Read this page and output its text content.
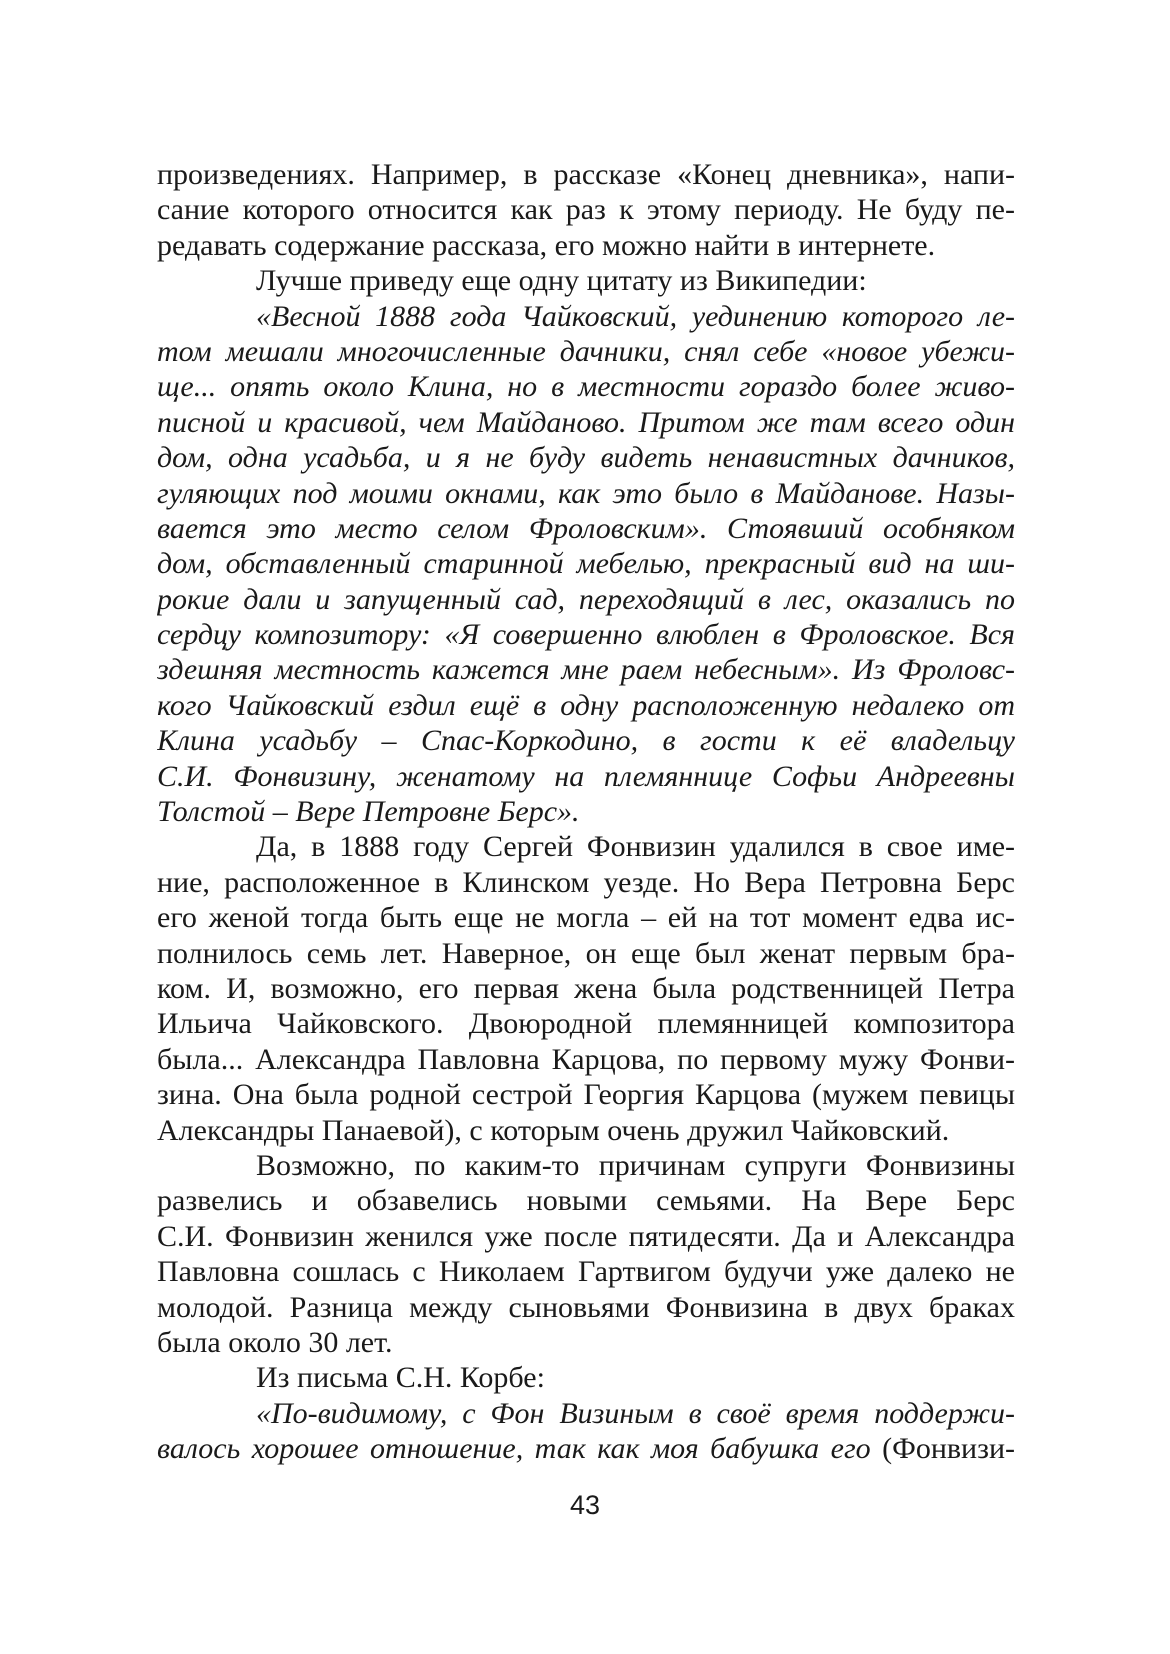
произведениях. Например, в рассказе «Конец дневника», напи-
сание которого относится как раз к этому периоду. Не буду пе-
редавать содержание рассказа, его можно найти в интернете.
Лучше приведу еще одну цитату из Википедии:
«Весной 1888 года Чайковский, уединению которого ле-
том мешали многочисленные дачники, снял себе «новое убежи-
ще... опять около Клина, но в местности гораздо более живо-
писной и красивой, чем Майданово. Притом же там всего один
дом, одна усадьба, и я не буду видеть ненавистных дачников,
гуляющих под моими окнами, как это было в Майданове. Назы-
вается это место селом Фроловским». Стоявший особняком
дом, обставленный старинной мебелью, прекрасный вид на ши-
рокие дали и запущенный сад, переходящий в лес, оказались по
сердцу композитору: «Я совершенно влюблен в Фроловское. Вся
здешняя местность кажется мне раем небесным». Из Фроловс-
кого Чайковский ездил ещё в одну расположенную недалеко от
Клина усадьбу – Спас-Коркодино, в гости к её владельцу
С.И. Фонвизину, женатому на племяннице Софьи Андреевны
Толстой – Вере Петровне Берс».
Да, в 1888 году Сергей Фонвизин удалился в свое име-
ние, расположенное в Клинском уезде. Но Вера Петровна Берс
его женой тогда быть еще не могла – ей на тот момент едва ис-
полнилось семь лет. Наверное, он еще был женат первым бра-
ком. И, возможно, его первая жена была родственницей Петра
Ильича Чайковского. Двоюродной племянницей композитора
была... Александра Павловна Карцова, по первому мужу Фонви-
зина. Она была родной сестрой Георгия Карцова (мужем певицы
Александры Панаевой), с которым очень дружил Чайковский.
Возможно, по каким-то причинам супруги Фонвизины
развелись и обзавелись новыми семьями. На Вере Берс
С.И. Фонвизин женился уже после пятидесяти. Да и Александра
Павловна сошлась с Николаем Гартвигом будучи уже далеко не
молодой. Разница между сыновьями Фонвизина в двух браках
была около 30 лет.
Из письма С.Н. Корбе:
«По-видимому, с Фон Визиным в своё время поддержи-
валось хорошее отношение, так как моя бабушка его (Фонвизи-
43
